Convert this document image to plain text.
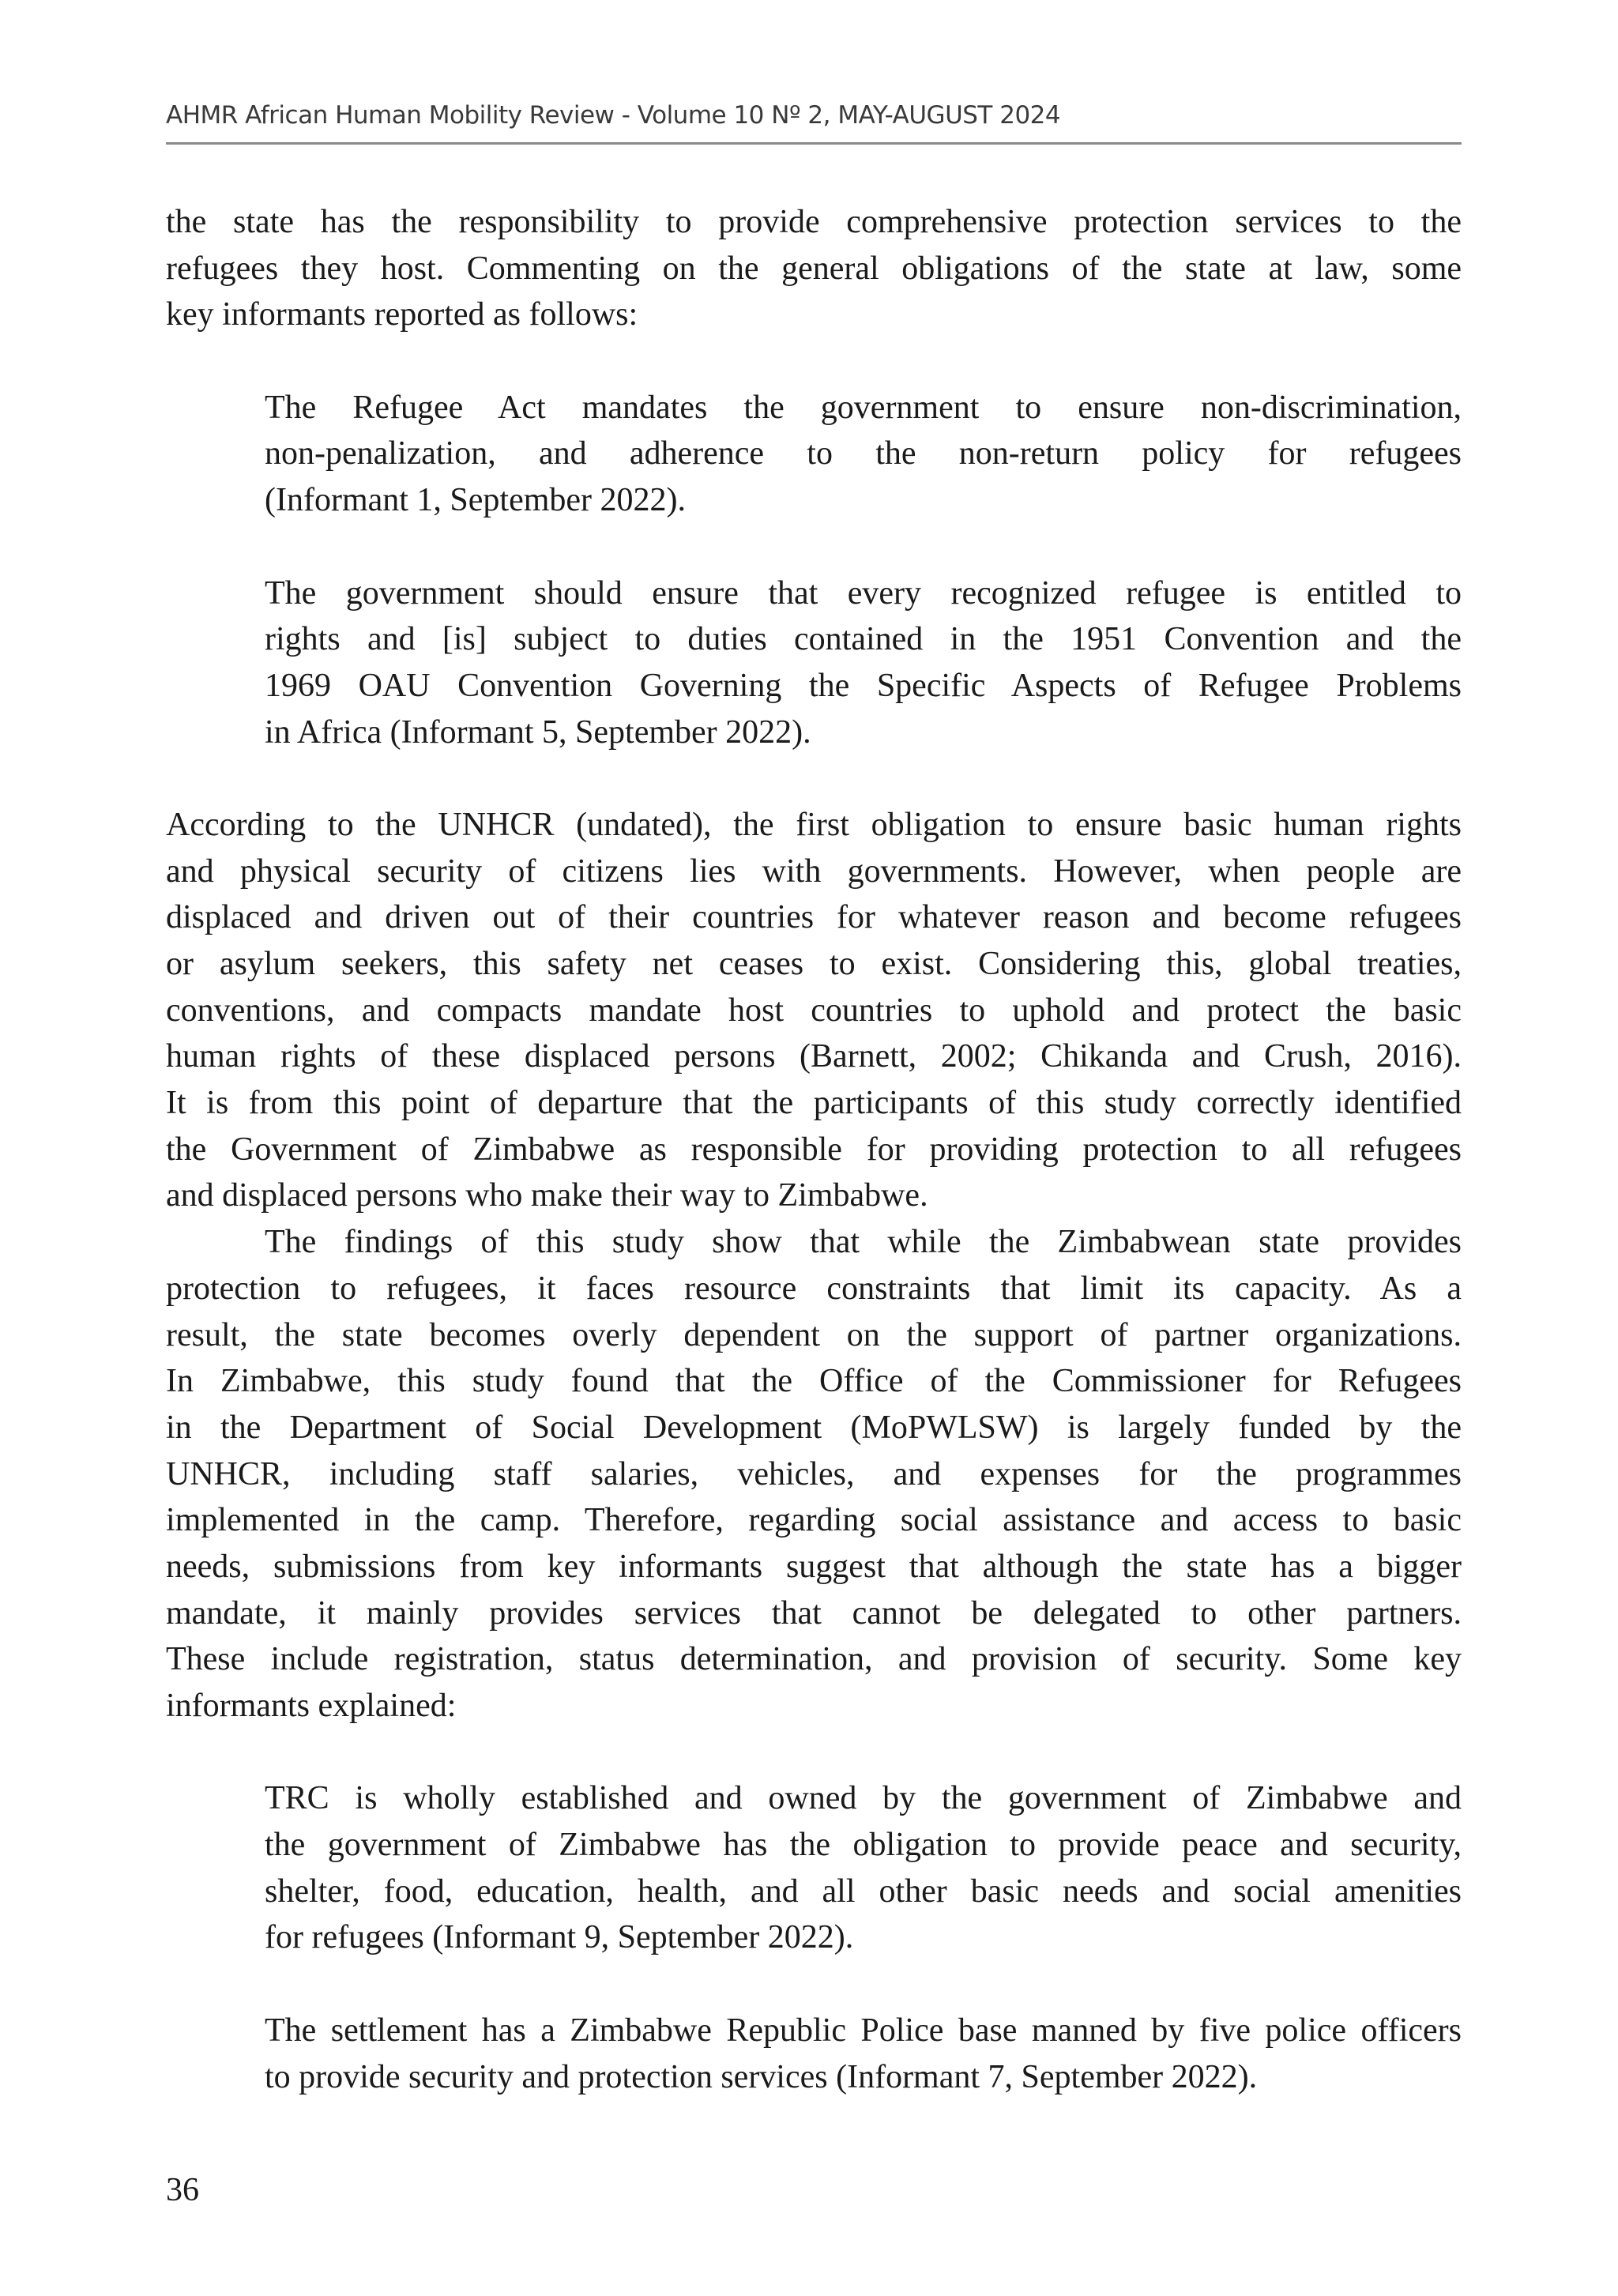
AHMR African Human Mobility Review - Volume 10 Nº 2, MAY-AUGUST 2024
the state has the responsibility to provide comprehensive protection services to the
refugees they host. Commenting on the general obligations of the state at law, some
key informants reported as follows:
The Refugee Act mandates the government to ensure non-discrimination,
non-penalization, and adherence to the non-return policy for refugees
(Informant 1, September 2022).
The government should ensure that every recognized refugee is entitled to
rights and [is] subject to duties contained in the 1951 Convention and the
1969 OAU Convention Governing the Specific Aspects of Refugee Problems
in Africa (Informant 5, September 2022).
According to the UNHCR (undated), the first obligation to ensure basic human rights
and physical security of citizens lies with governments. However, when people are
displaced and driven out of their countries for whatever reason and become refugees
or asylum seekers, this safety net ceases to exist. Considering this, global treaties,
conventions, and compacts mandate host countries to uphold and protect the basic
human rights of these displaced persons (Barnett, 2002; Chikanda and Crush, 2016).
It is from this point of departure that the participants of this study correctly identified
the Government of Zimbabwe as responsible for providing protection to all refugees
and displaced persons who make their way to Zimbabwe.
The findings of this study show that while the Zimbabwean state provides
protection to refugees, it faces resource constraints that limit its capacity. As a
result, the state becomes overly dependent on the support of partner organizations.
In Zimbabwe, this study found that the Office of the Commissioner for Refugees
in the Department of Social Development (MoPWLSW) is largely funded by the
UNHCR, including staff salaries, vehicles, and expenses for the programmes
implemented in the camp. Therefore, regarding social assistance and access to basic
needs, submissions from key informants suggest that although the state has a bigger
mandate, it mainly provides services that cannot be delegated to other partners.
These include registration, status determination, and provision of security. Some key
informants explained:
TRC is wholly established and owned by the government of Zimbabwe and
the government of Zimbabwe has the obligation to provide peace and security,
shelter, food, education, health, and all other basic needs and social amenities
for refugees (Informant 9, September 2022).
The settlement has a Zimbabwe Republic Police base manned by five police officers
to provide security and protection services (Informant 7, September 2022).
36
